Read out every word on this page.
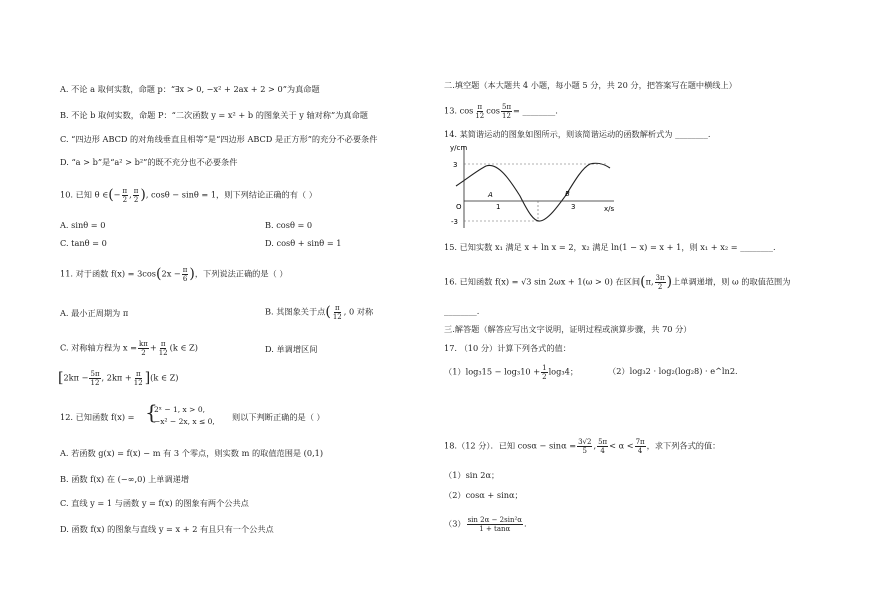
A. 不论 a 取何实数，命题 p：“∃x > 0, −x² + 2ax + 2 > 0”为真命题
B. 不论 b 取何实数，命题 P：“二次函数 y = x² + b 的图象关于 y 轴对称”为真命题
C. “四边形 ABCD 的对角线垂直且相等”是“四边形 ABCD 是正方形”的充分不必要条件
D. “a > b”是“a² > b²”的既不充分也不必要条件
10. 已知 θ ∈(− $\frac{\pi}{2}$ , $\frac{\pi}{2}$ ), cosθ − sinθ = 1，则下列结论正确的有（ ）
A. sinθ = 0	B. cosθ = 0
C. tanθ = 0	D. cosθ + sinθ = 1
11. 对于函数 $f(x) = 3\cos(2x - \frac{\pi}{6}$ )，下列说法正确的是（ ）
A. 最小正周期为 π	B. 其图象关于点( $\frac{\pi}{12}$ , 0 对称
C. 对称轴方程为 $x = \frac{k\pi}{2} + \frac{\pi}{12} (k$ ∈ Z)	D. 单调增区间
[$2k\pi - \frac{5\pi}{12}$ , $2k\pi + \frac{\pi}{12} ](k$ ∈ Z)
12. 已知函数 f(x) = {
2ˣ − 1, x > 0,
−x² − 2x, x ≤ 0, 则以下判断正确的是（ ）
A. 若函数 g(x) = f(x) − m 有 3 个零点，则实数 m 的取值范围是 (0,1)
B. 函数 f(x) 在 (−∞,0) 上单调递增
C. 直线 y = 1 与函数 y = f(x) 的图象有两个公共点
D. 函数 f(x) 的图象与直线 y = x + 2 有且只有一个公共点
二.填空题（本大题共 4 小题，每小题 5 分，共 20 分，把答案写在题中横线上）
13. $\cos \frac{\pi}{12}$ $\cos \frac{5\pi}{12}$ = ________.
14. 某简谐运动的图象如图所示，则该简谐运动的函数解析式为 ________.
y/cm
x/s
3
-3
O	1	3
A	B
15. 已知实数 x₁ 满足 x + ln x = 2，x₂ 满足 ln(1 − x) = x + 1，则 x₁ + x₂ = ________.
16. 已知函数 f(x) = √3 sin 2ωx + 1(ω > 0) 在区间(π, $\frac{3\pi}{2}$ )上单调递增，则 ω 的取值范围为
________.
三.解答题（解答应写出文字说明，证明过程或演算步骤，共 70 分）
17. （10 分）计算下列各式的值：
$(1)\log_315 - \log_310 + \frac{1}{2} \log_34$；	（2）log₃2 · log₂(log₂8) · e^ln2.
18.（12 分）．已知 $\cos\alpha - \sin\alpha = \frac{3√2}{5}$ , $\frac{5\pi}{4} < \alpha < \frac{7\pi}{4}$ ，求下列各式的值：
（1）sin 2α；
（2）cosα + sinα；
$(3) \frac{\text{sin 2α − 2sin²α}}{1 + \tan\alpha}$ .
